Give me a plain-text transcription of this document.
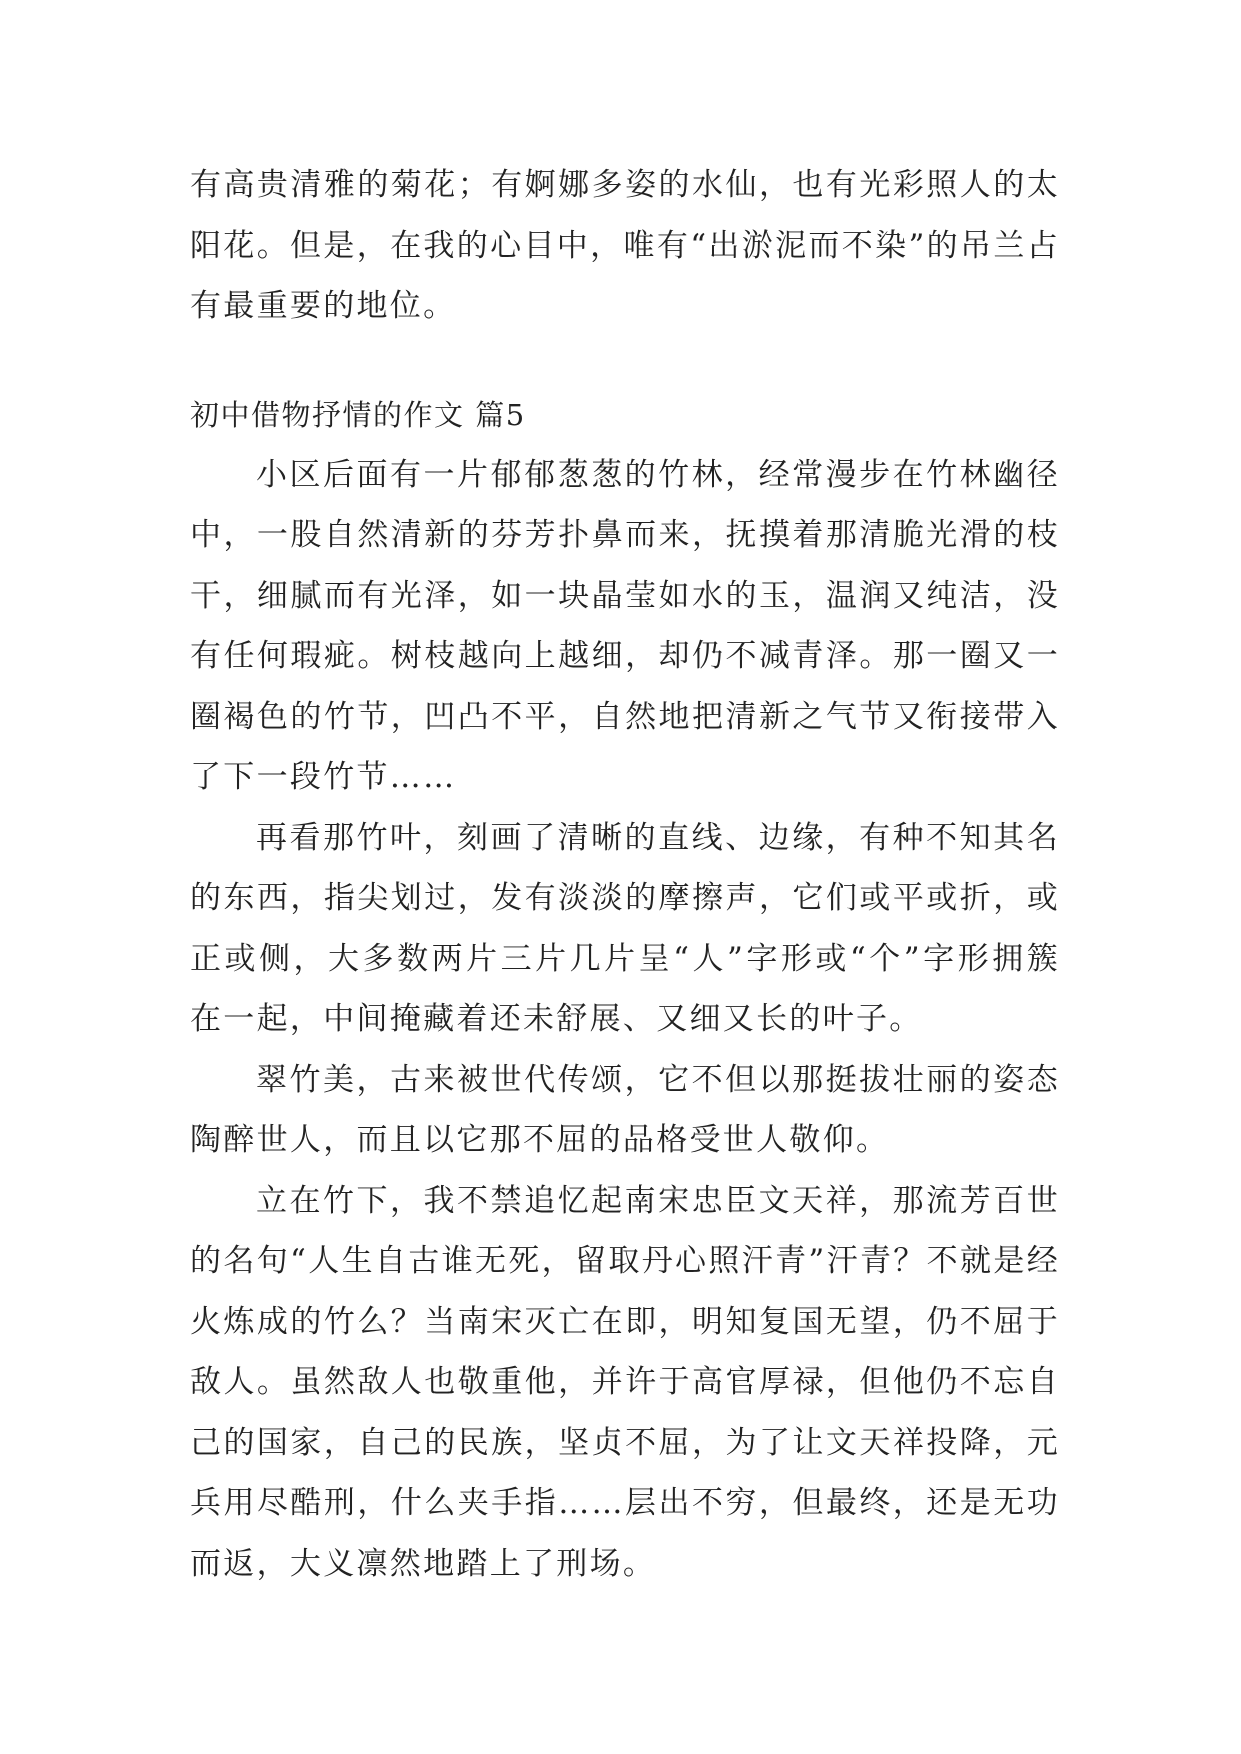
有高贵清雅的菊花；有婀娜多姿的水仙，也有光彩照人的太阳花。但是，在我的心目中，唯有“出淤泥而不染”的吊兰占有最重要的地位。

初中借物抒情的作文 篇5

小区后面有一片郁郁葱葱的竹林，经常漫步在竹林幽径中，一股自然清新的芬芳扑鼻而来，抚摸着那清脆光滑的枝干，细腻而有光泽，如一块晶莹如水的玉，温润又纯洁，没有任何瑕疵。树枝越向上越细，却仍不减青泽。那一圈又一圈褐色的竹节，凹凸不平，自然地把清新之气节又衔接带入了下一段竹节……

再看那竹叶，刻画了清晰的直线、边缘，有种不知其名的东西，指尖划过，发有淡淡的摩擦声，它们或平或折，或正或侧，大多数两片三片几片呈“人”字形或“个”字形拥簇在一起，中间掩藏着还未舒展、又细又长的叶子。

翠竹美，古来被世代传颂，它不但以那挺拔壮丽的姿态陶醉世人，而且以它那不屈的品格受世人敬仰。

立在竹下，我不禁追忆起南宋忠臣文天祥，那流芳百世的名句“人生自古谁无死，留取丹心照汗青”汗青？不就是经火炼成的竹么？当南宋灭亡在即，明知复国无望，仍不屈于敌人。虽然敌人也敬重他，并许于高官厚禄，但他仍不忘自己的国家，自己的民族，坚贞不屈，为了让文天祥投降，元兵用尽酷刑，什么夹手指……层出不穷，但最终，还是无功而返，大义凛然地踏上了刑场。
